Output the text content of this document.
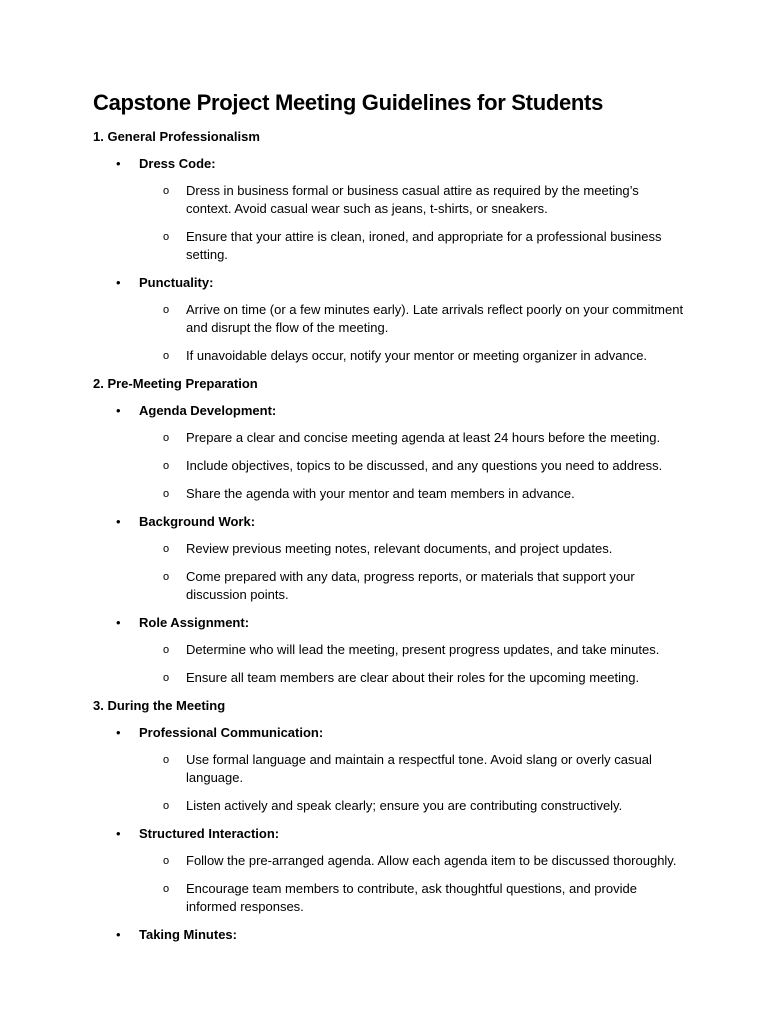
Capstone Project Meeting Guidelines for Students
1. General Professionalism
• Dress Code:
o Dress in business formal or business casual attire as required by the meeting’s context. Avoid casual wear such as jeans, t-shirts, or sneakers.
o Ensure that your attire is clean, ironed, and appropriate for a professional business setting.
• Punctuality:
o Arrive on time (or a few minutes early). Late arrivals reflect poorly on your commitment and disrupt the flow of the meeting.
o If unavoidable delays occur, notify your mentor or meeting organizer in advance.
2. Pre-Meeting Preparation
• Agenda Development:
o Prepare a clear and concise meeting agenda at least 24 hours before the meeting.
o Include objectives, topics to be discussed, and any questions you need to address.
o Share the agenda with your mentor and team members in advance.
• Background Work:
o Review previous meeting notes, relevant documents, and project updates.
o Come prepared with any data, progress reports, or materials that support your discussion points.
• Role Assignment:
o Determine who will lead the meeting, present progress updates, and take minutes.
o Ensure all team members are clear about their roles for the upcoming meeting.
3. During the Meeting
• Professional Communication:
o Use formal language and maintain a respectful tone. Avoid slang or overly casual language.
o Listen actively and speak clearly; ensure you are contributing constructively.
• Structured Interaction:
o Follow the pre-arranged agenda. Allow each agenda item to be discussed thoroughly.
o Encourage team members to contribute, ask thoughtful questions, and provide informed responses.
• Taking Minutes:
